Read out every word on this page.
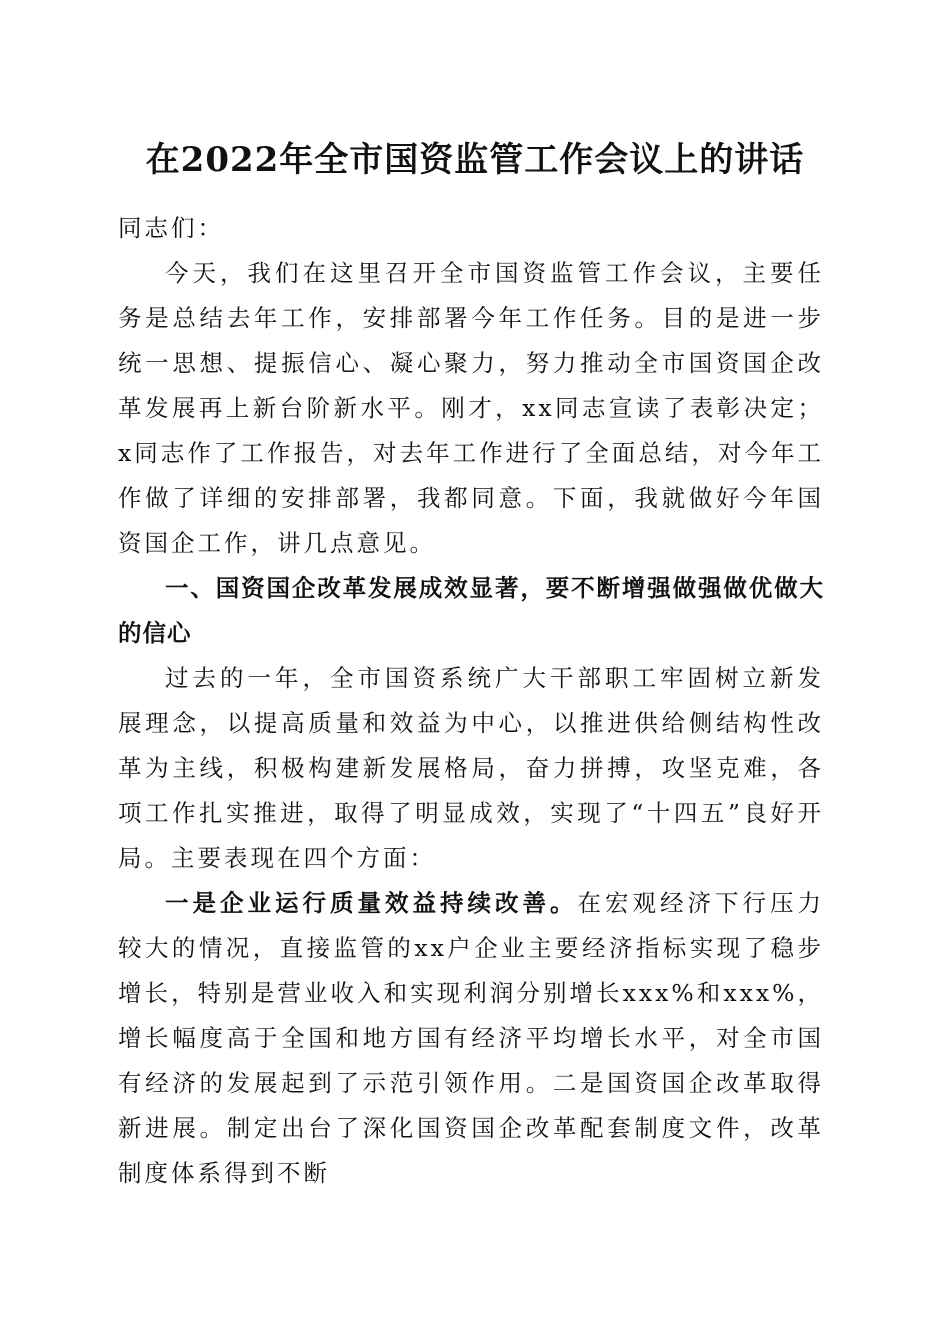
在2022年全市国资监管工作会议上的讲话

同志们：

今天，我们在这里召开全市国资监管工作会议，主要任务是总结去年工作，安排部署今年工作任务。目的是进一步统一思想、提振信心、凝心聚力，努力推动全市国资国企改革发展再上新台阶新水平。刚才，xx同志宣读了表彰决定；x同志作了工作报告，对去年工作进行了全面总结，对今年工作做了详细的安排部署，我都同意。下面，我就做好今年国资国企工作，讲几点意见。

一、国资国企改革发展成效显著，要不断增强做强做优做大的信心

过去的一年，全市国资系统广大干部职工牢固树立新发展理念，以提高质量和效益为中心，以推进供给侧结构性改革为主线，积极构建新发展格局，奋力拼搏，攻坚克难，各项工作扎实推进，取得了明显成效，实现了“十四五”良好开局。主要表现在四个方面：

一是企业运行质量效益持续改善。在宏观经济下行压力较大的情况，直接监管的xx户企业主要经济指标实现了稳步增长，特别是营业收入和实现利润分别增长xxx%和xxx%，增长幅度高于全国和地方国有经济平均增长水平，对全市国有经济的发展起到了示范引领作用。二是国资国企改革取得新进展。制定出台了深化国资国企改革配套制度文件，改革制度体系得到不断
